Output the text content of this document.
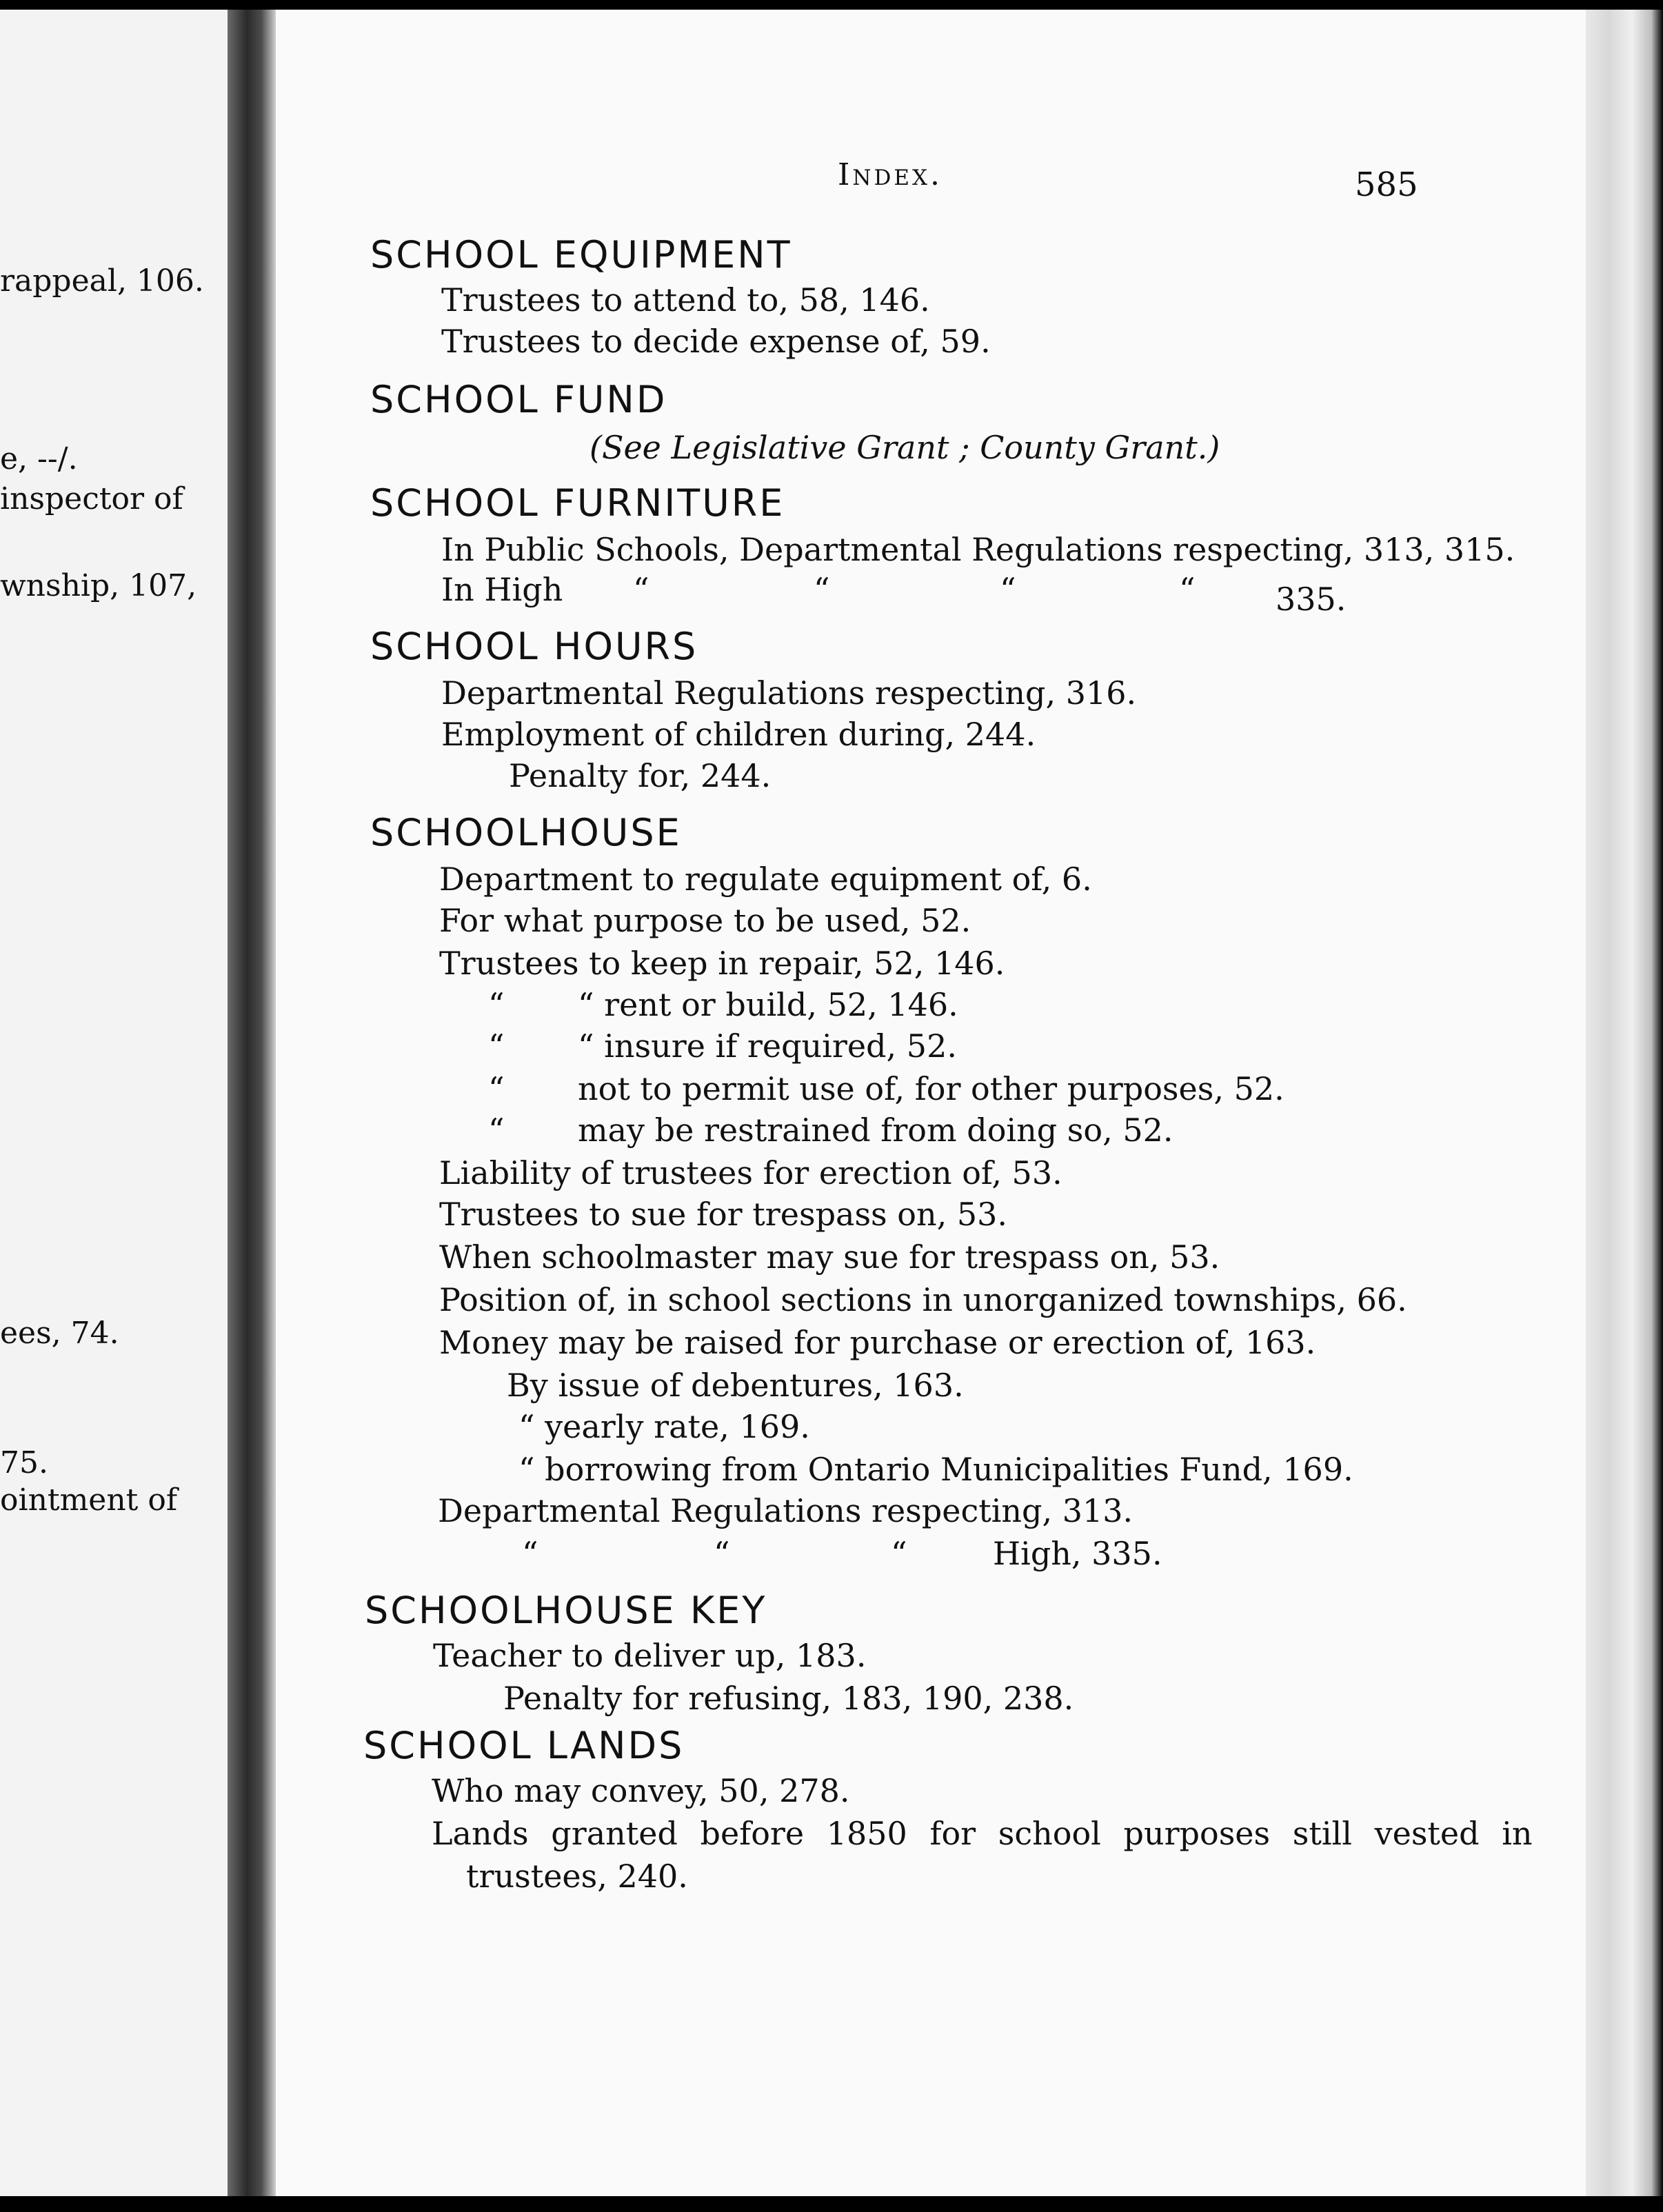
rappeal, 106.
e, --/.
inspector of
wnship, 107,
ees, 74.
75.
ointment of
Index.	585
SCHOOL EQUIPMENT
Trustees to attend to, 58, 146.
Trustees to decide expense of, 59.
SCHOOL FUND
(See Legislative Grant ; County Grant.)
SCHOOL FURNITURE
In Public Schools, Departmental Regulations respecting, 313, 315.
In High “	“	“	“	335.
SCHOOL HOURS
Departmental Regulations respecting, 316.
Employment of children during, 244.
Penalty for, 244.
SCHOOLHOUSE
Department to regulate equipment of, 6.
For what purpose to be used, 52.
Trustees to keep in repair, 52, 146.
“ “ rent or build, 52, 146.
“ “ insure if required, 52.
“ not to permit use of, for other purposes, 52.
“ may be restrained from doing so, 52.
Liability of trustees for erection of, 53.
Trustees to sue for trespass on, 53.
When schoolmaster may sue for trespass on, 53.
Position of, in school sections in unorganized townships, 66.
Money may be raised for purchase or erection of, 163.
By issue of debentures, 163.
“ yearly rate, 169.
“ borrowing from Ontario Municipalities Fund, 169.
Departmental Regulations respecting, 313.
“	“	“	High, 335.
SCHOOLHOUSE KEY
Teacher to deliver up, 183.
Penalty for refusing, 183, 190, 238.
SCHOOL LANDS
Who may convey, 50, 278.
Lands granted before 1850 for school purposes still vested in
trustees, 240.
